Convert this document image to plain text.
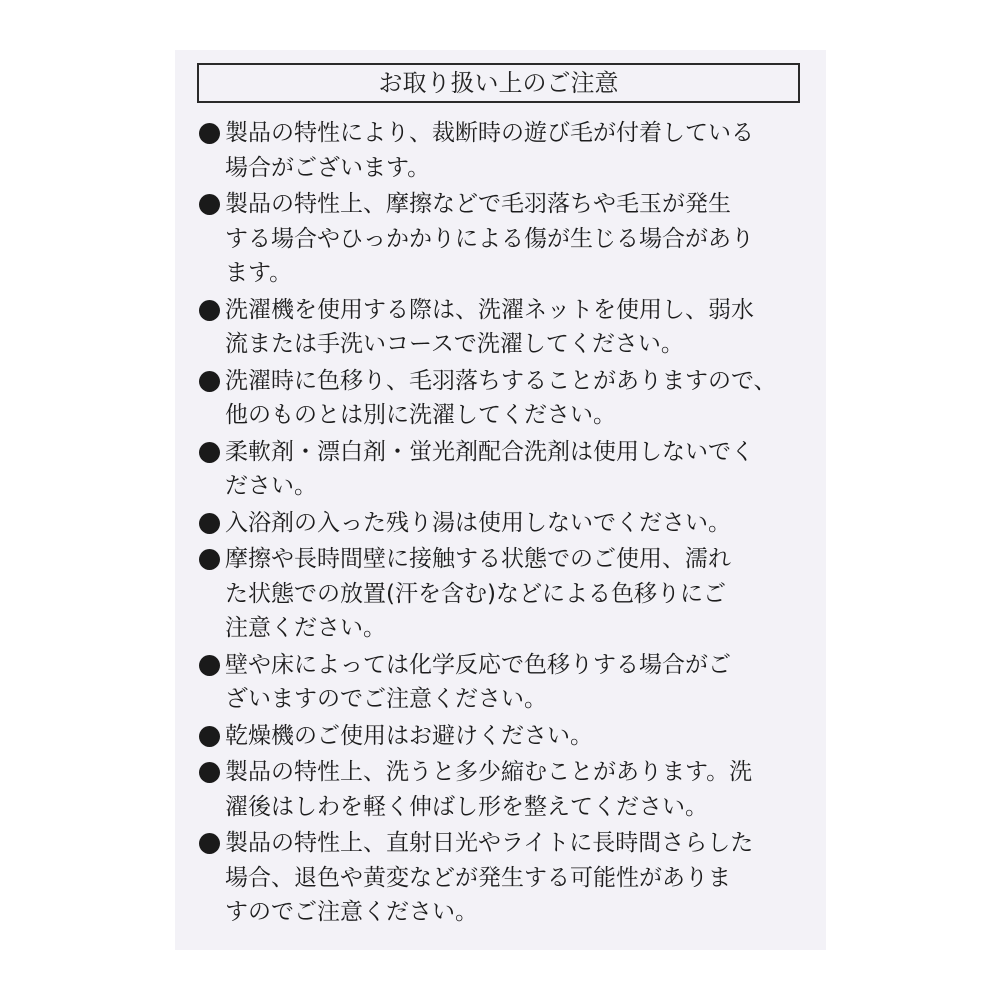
お取り扱い上のご注意
製品の特性により、裁断時の遊び毛が付着している
場合がございます。
製品の特性上、摩擦などで毛羽落ちや毛玉が発生
する場合やひっかかりによる傷が生じる場合があり
ます。
洗濯機を使用する際は、洗濯ネットを使用し、弱水
流または手洗いコースで洗濯してください。
洗濯時に色移り、毛羽落ちすることがありますので、
他のものとは別に洗濯してください。
柔軟剤・漂白剤・蛍光剤配合洗剤は使用しないでく
ださい。
入浴剤の入った残り湯は使用しないでください。
摩擦や長時間壁に接触する状態でのご使用、濡れ
た状態での放置(汗を含む)などによる色移りにご
注意ください。
壁や床によっては化学反応で色移りする場合がご
ざいますのでご注意ください。
乾燥機のご使用はお避けください。
製品の特性上、洗うと多少縮むことがあります。洗
濯後はしわを軽く伸ばし形を整えてください。
製品の特性上、直射日光やライトに長時間さらした
場合、退色や黄変などが発生する可能性がありま
すのでご注意ください。
